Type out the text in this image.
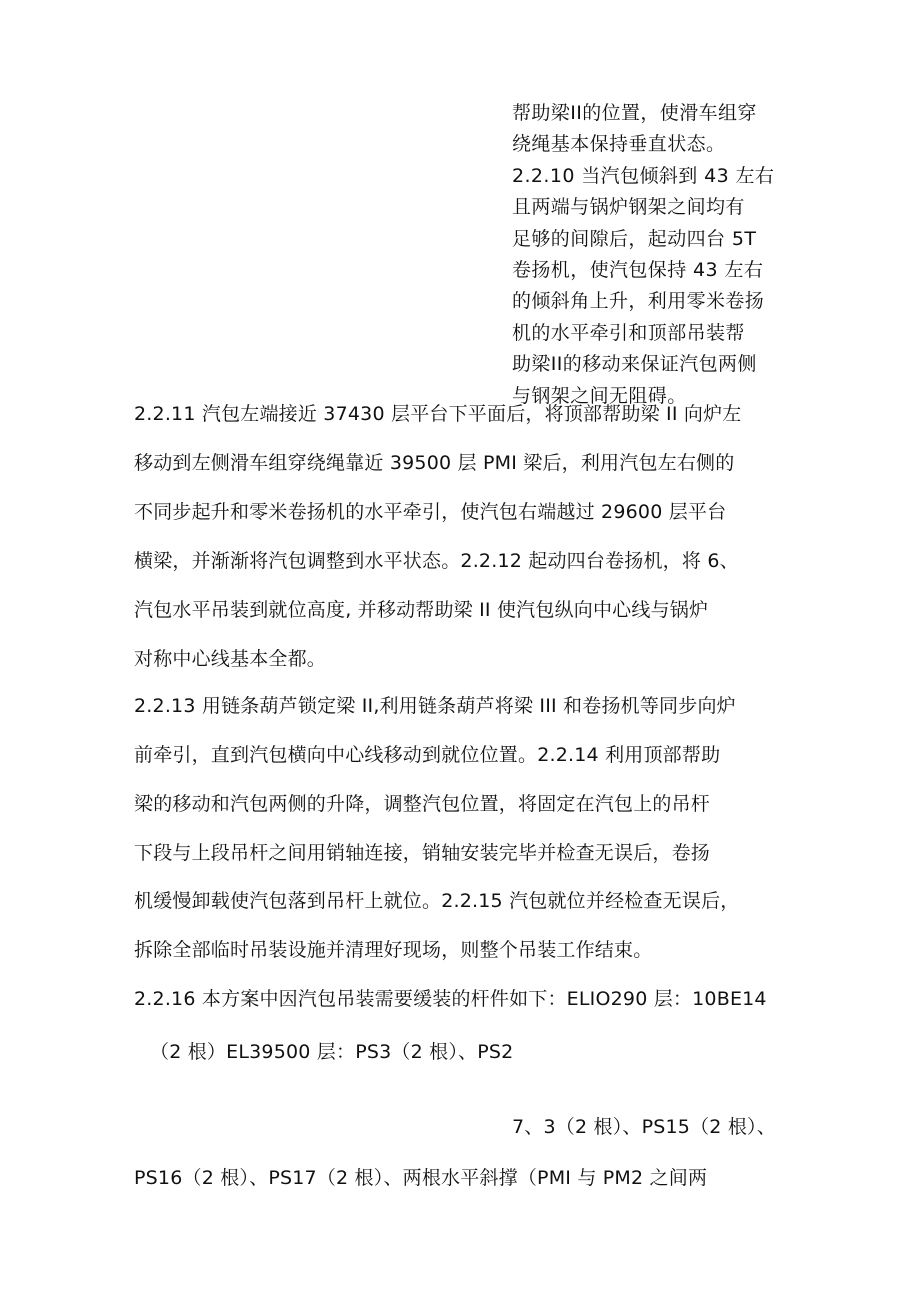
帮助梁II的位置，使滑车组穿
绕绳基本保持垂直状态。
2.2.10 当汽包倾斜到 43 左右
且两端与锅炉钢架之间均有
足够的间隙后，起动四台 5T
卷扬机，使汽包保持 43 左右
的倾斜角上升，利用零米卷扬
机的水平牵引和顶部吊装帮
助梁II的移动来保证汽包两侧
与钢架之间无阻碍。
2.2.11 汽包左端接近 37430 层平台下平面后，将顶部帮助梁 II 向炉左
移动到左侧滑车组穿绕绳靠近 39500 层 PMI 梁后，利用汽包左右侧的
不同步起升和零米卷扬机的水平牵引，使汽包右端越过 29600 层平台
横梁，并渐渐将汽包调整到水平状态。2.2.12 起动四台卷扬机，将 6、
汽包水平吊装到就位高度, 并移动帮助梁 II 使汽包纵向中心线与锅炉
对称中心线基本全都。
2.2.13 用链条葫芦锁定梁 II,利用链条葫芦将梁 III 和卷扬机等同步向炉
前牵引，直到汽包横向中心线移动到就位位置。2.2.14 利用顶部帮助
梁的移动和汽包两侧的升降，调整汽包位置，将固定在汽包上的吊杆
下段与上段吊杆之间用销轴连接，销轴安装完毕并检查无误后，卷扬
机缓慢卸载使汽包落到吊杆上就位。2.2.15 汽包就位并经检查无误后，
拆除全部临时吊装设施并清理好现场，则整个吊装工作结束。
2.2.16 本方案中因汽包吊装需要缓装的杆件如下：ELIO290 层：10BE14
（2 根）EL39500 层：PS3（2 根）、PS2
7、3（2 根）、PS15（2 根）、
PS16（2 根）、PS17（2 根）、两根水平斜撑（PMI 与 PM2 之间两
